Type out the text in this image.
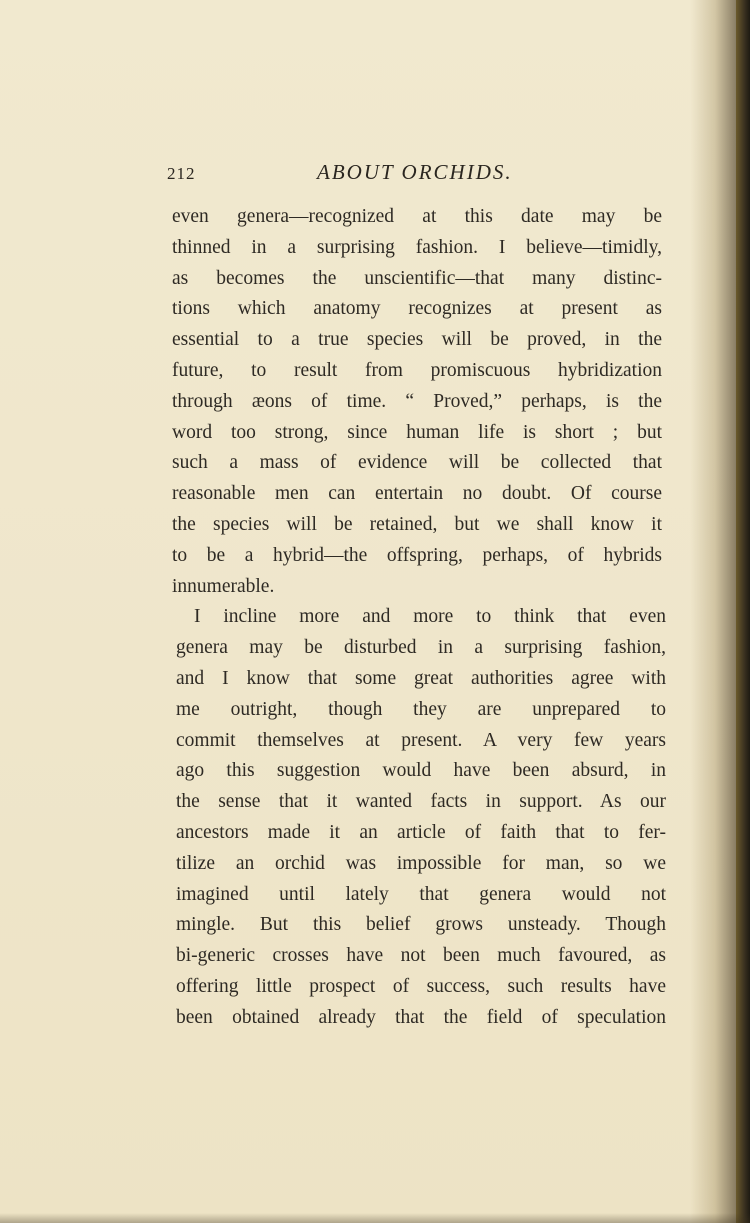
212	ABOUT ORCHIDS.
even genera—recognized at this date may be
thinned in a surprising fashion. I believe—timidly,
as becomes the unscientific—that many distinc-
tions which anatomy recognizes at present as
essential to a true species will be proved, in the
future, to result from promiscuous hybridization
through æons of time. “ Proved,” perhaps, is the
word too strong, since human life is short ; but
such a mass of evidence will be collected that
reasonable men can entertain no doubt. Of course
the species will be retained, but we shall know it
to be a hybrid—the offspring, perhaps, of hybrids
innumerable.
I incline more and more to think that even
genera may be disturbed in a surprising fashion,
and I know that some great authorities agree with
me outright, though they are unprepared to
commit themselves at present. A very few years
ago this suggestion would have been absurd, in
the sense that it wanted facts in support. As our
ancestors made it an article of faith that to fer-
tilize an orchid was impossible for man, so we
imagined until lately that genera would not
mingle. But this belief grows unsteady. Though
bi-generic crosses have not been much favoured, as
offering little prospect of success, such results have
been obtained already that the field of speculation
